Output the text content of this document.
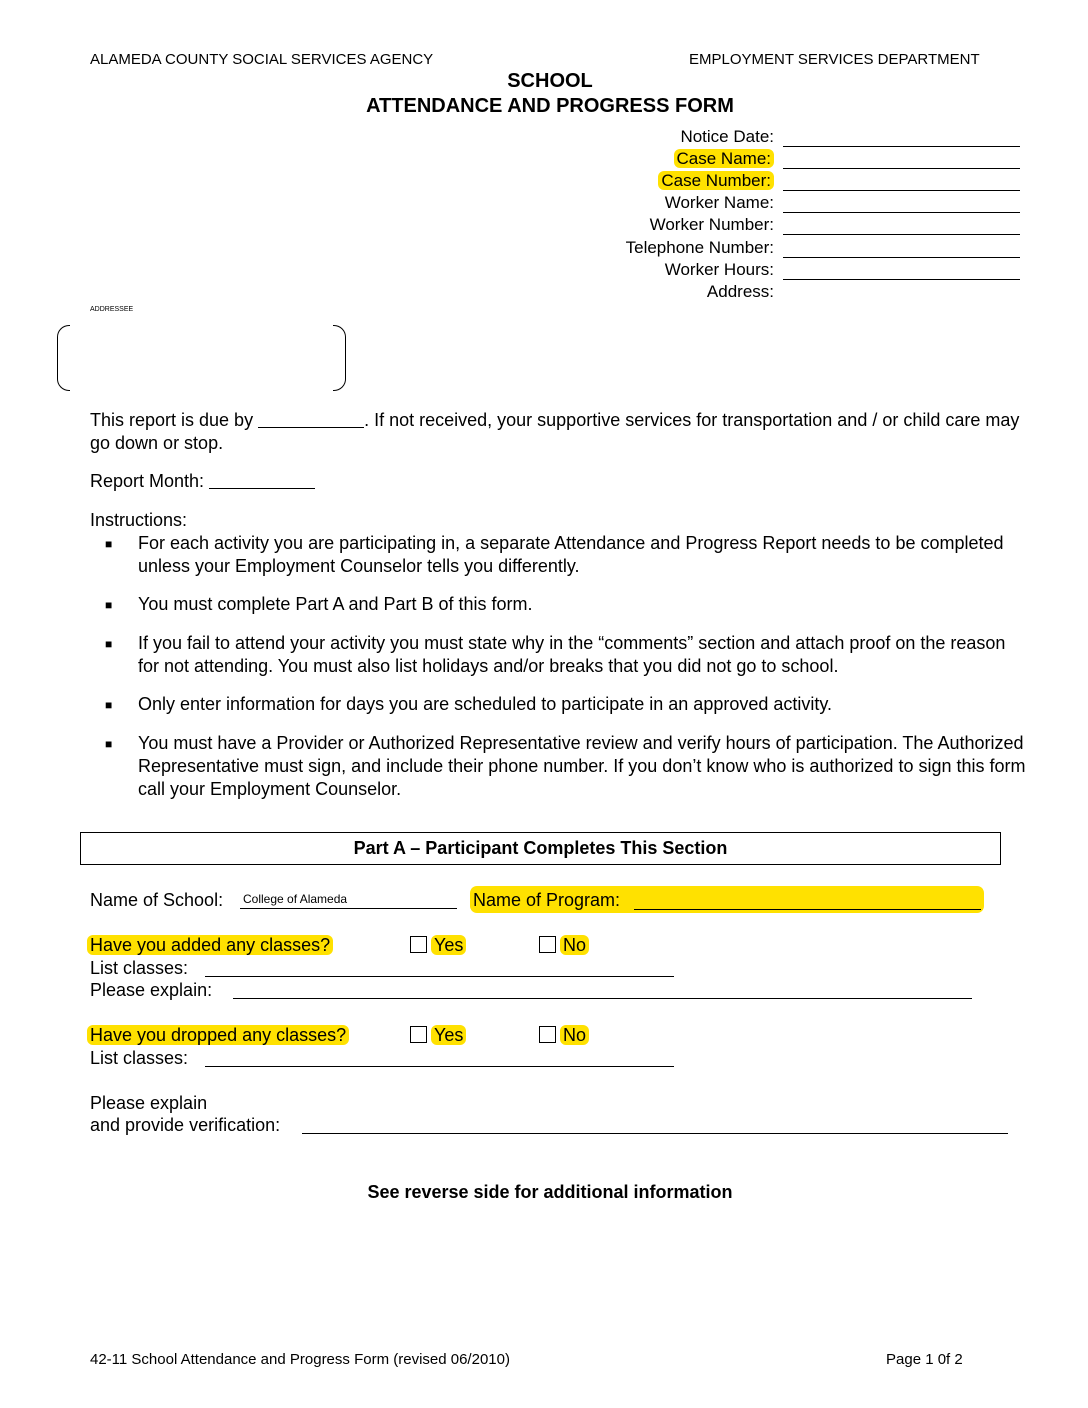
ALAMEDA COUNTY SOCIAL SERVICES AGENCY	EMPLOYMENT SERVICES DEPARTMENT
SCHOOL
ATTENDANCE AND PROGRESS FORM
Notice Date:
Case Name:
Case Number:
Worker Name:
Worker Number:
Telephone Number:
Worker Hours:
Address:
ADDRESSEE
This report is due by	. If not received, your supportive services for transportation and / or child care may go down or stop.
Report Month:
Instructions:
■ For each activity you are participating in, a separate Attendance and Progress Report needs to be completed unless your Employment Counselor tells you differently.
■ You must complete Part A and Part B of this form.
■ If you fail to attend your activity you must state why in the “comments” section and attach proof on the reason for not attending. You must also list holidays and/or breaks that you did not go to school.
■ Only enter information for days you are scheduled to participate in an approved activity.
■ You must have a Provider or Authorized Representative review and verify hours of participation. The Authorized Representative must sign, and include their phone number. If you don’t know who is authorized to sign this form call your Employment Counselor.
Part A – Participant Completes This Section
Name of School: College of Alameda	Name of Program:
Have you added any classes?	Yes	No
List classes:
Please explain:
Have you dropped any classes?	Yes	No
List classes:
Please explain
and provide verification:
See reverse side for additional information
42-11 School Attendance and Progress Form (revised 06/2010)	Page 1 0f 2
